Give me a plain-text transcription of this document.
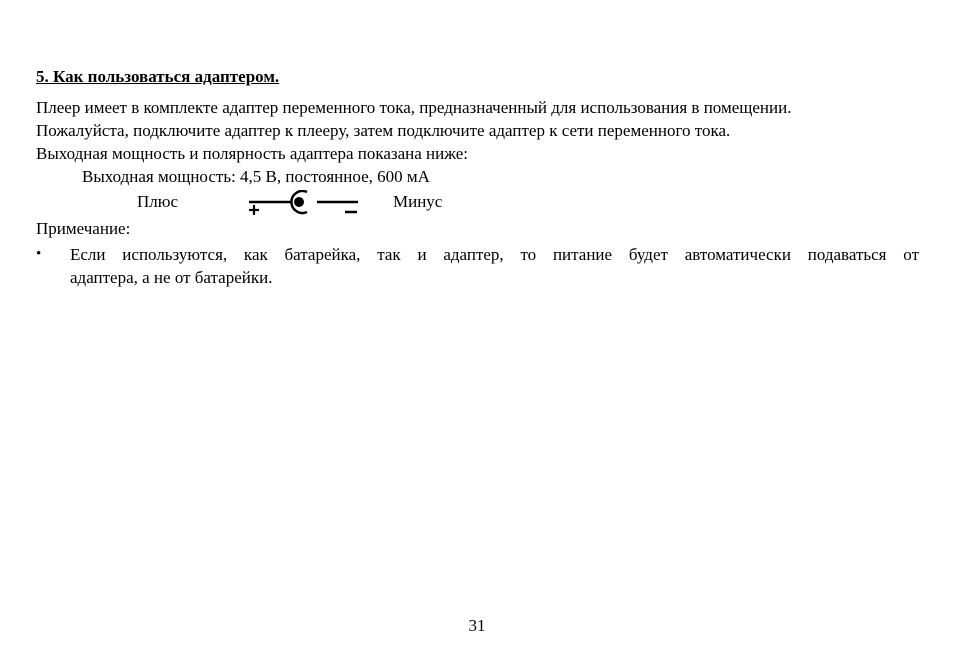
5. Как пользоваться адаптером.
Плеер имеет в комплекте адаптер переменного тока, предназначенный для использования в помещении.
Пожалуйста, подключите адаптер к плееру, затем подключите адаптер к сети переменного тока.
Выходная мощность и полярность адаптера показана ниже:
Выходная мощность: 4,5 В, постоянное, 600 мА
Плюс	Минус
Примечание:
• Если используются, как батарейка, так и адаптер, то питание будет автоматически подаваться от
адаптера, а не от батарейки.
31
